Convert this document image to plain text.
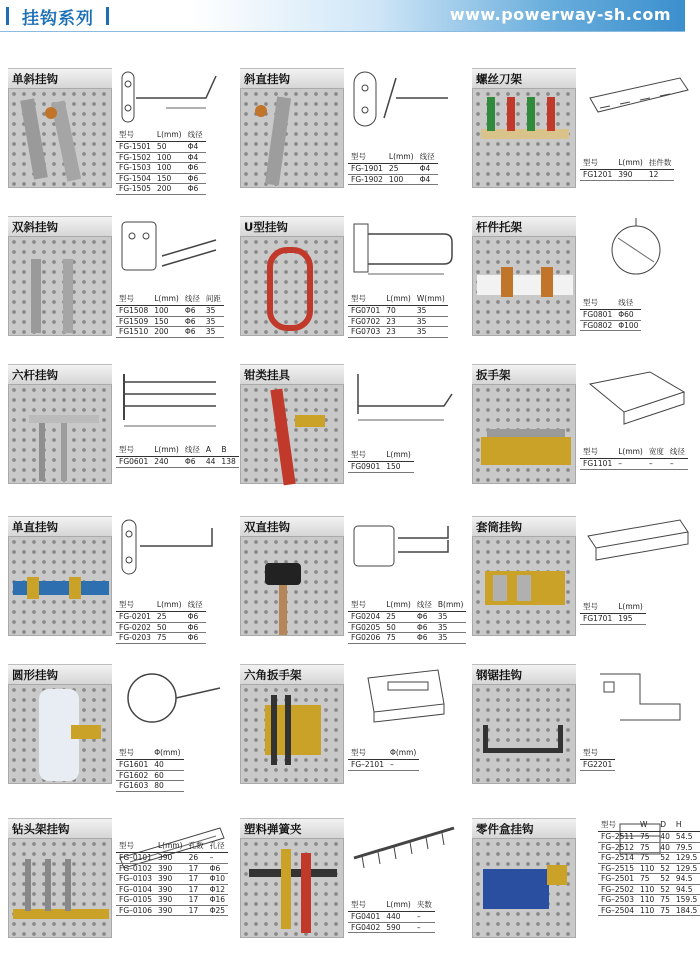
挂钩系列	www.powerway-sh.com
单斜挂钩
型号	L(mm)	线径
FG-1501	50	Φ4
FG-1502	100	Φ4
FG-1503	100	Φ6
FG-1504	150	Φ6
FG-1505	200	Φ6
斜直挂钩
型号	L(mm)	线径
FG-1901	25	Φ4
FG-1902	100	Φ4
螺丝刀架
型号	L(mm)	挂件数
FG1201	390	12
双斜挂钩
型号	L(mm)	线径	间距
FG1508	100	Φ6	35
FG1509	150	Φ6	35
FG1510	200	Φ6	35
U型挂钩
型号	L(mm)	W(mm)
FG0701	70	35
FG0702	23	35
FG0703	23	35
杆件托架
型号	线径
FG0801	Φ60
FG0802	Φ100
六杆挂钩
型号	L(mm)	线径	A	B
FG0601	240	Φ6	44	138
钳类挂具
型号	L(mm)
FG0901	150
扳手架
型号	L(mm)	宽度	线径
FG1101	–	–	–
单直挂钩
型号	L(mm)	线径
FG-0201	25	Φ6
FG-0202	50	Φ6
FG-0203	75	Φ6
双直挂钩
型号	L(mm)	线径	B(mm)
FG0204	25	Φ6	35
FG0205	50	Φ6	35
FG0206	75	Φ6	35
套筒挂钩
型号	L(mm)
FG1701	195
圆形挂钩
型号	Φ(mm)
FG1601	40
FG1602	60
FG1603	80
六角扳手架
型号	Φ(mm)
FG–2101	–
钢锯挂钩
型号
FG2201
钻头架挂钩
型号	L(mm)	孔数	孔径
FG–0101	390	26	–
FG–0102	390	17	Φ6
FG–0103	390	17	Φ10
FG–0104	390	17	Φ12
FG–0105	390	17	Φ16
FG–0106	390	17	Φ25
塑料弹簧夹
型号	L(mm)	夹数
FG0401	440	–
FG0402	590	–
零件盒挂钩	型号	W	D	H
FG–2511	75	40	54.5
FG–2512	75	40	79.5
FG–2514	75	52	129.5
FG–2515	110	52	129.5
FG–2501	75	52	94.5
FG–2502	110	52	94.5
FG–2503	110	75	159.5
FG–2504	110	75	184.5
